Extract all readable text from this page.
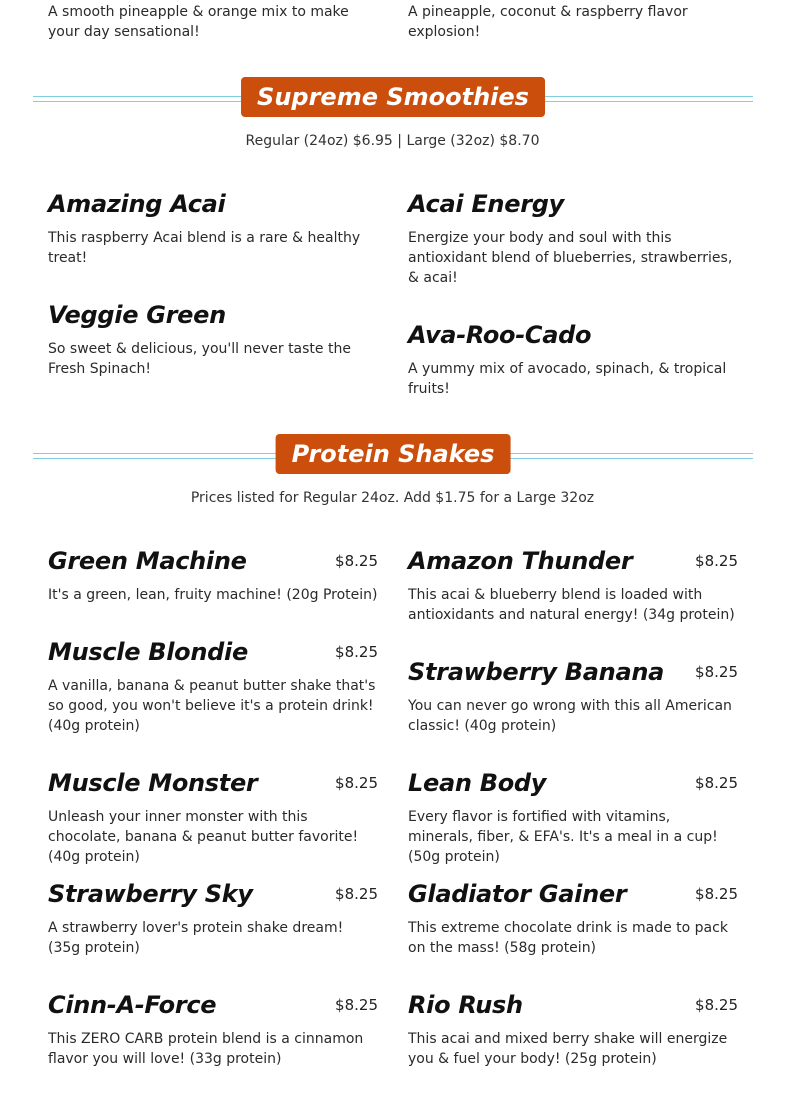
A smooth pineapple & orange mix to make your day sensational!

A pineapple, coconut & raspberry flavor explosion!

Supreme Smoothies
Regular (24oz) $6.95 | Large (32oz) $8.70

Amazing Acai

This raspberry Acai blend is a rare & healthy treat!

Acai Energy

Energize your body and soul with this antioxidant blend of blueberries, strawberries, & acai!

Veggie Green

So sweet & delicious, you'll never taste the Fresh Spinach!

Ava-Roo-Cado

A yummy mix of avocado, spinach, & tropical fruits!

Protein Shakes
Prices listed for Regular 24oz. Add $1.75 for a Large 32oz

Green Machine	$8.25

It's a green, lean, fruity machine! (20g Protein)

Amazon Thunder	$8.25

This acai & blueberry blend is loaded with antioxidants and natural energy! (34g protein)

Muscle Blondie	$8.25

A vanilla, banana & peanut butter shake that's so good, you won't believe it's a protein drink! (40g protein)

Strawberry Banana $8.25

You can never go wrong with this all American classic! (40g protein)

Muscle Monster	$8.25

Unleash your inner monster with this chocolate, banana & peanut butter favorite! (40g protein)

Lean Body	$8.25

Every flavor is fortified with vitamins, minerals, fiber, & EFA's. It's a meal in a cup! (50g protein)

Strawberry Sky	$8.25

A strawberry lover's protein shake dream! (35g protein)

Gladiator Gainer	$8.25

This extreme chocolate drink is made to pack on the mass! (58g protein)

Cinn-A-Force	$8.25

This ZERO CARB protein blend is a cinnamon flavor you will love! (33g protein)

Rio Rush	$8.25

This acai and mixed berry shake will energize you & fuel your body! (25g protein)
